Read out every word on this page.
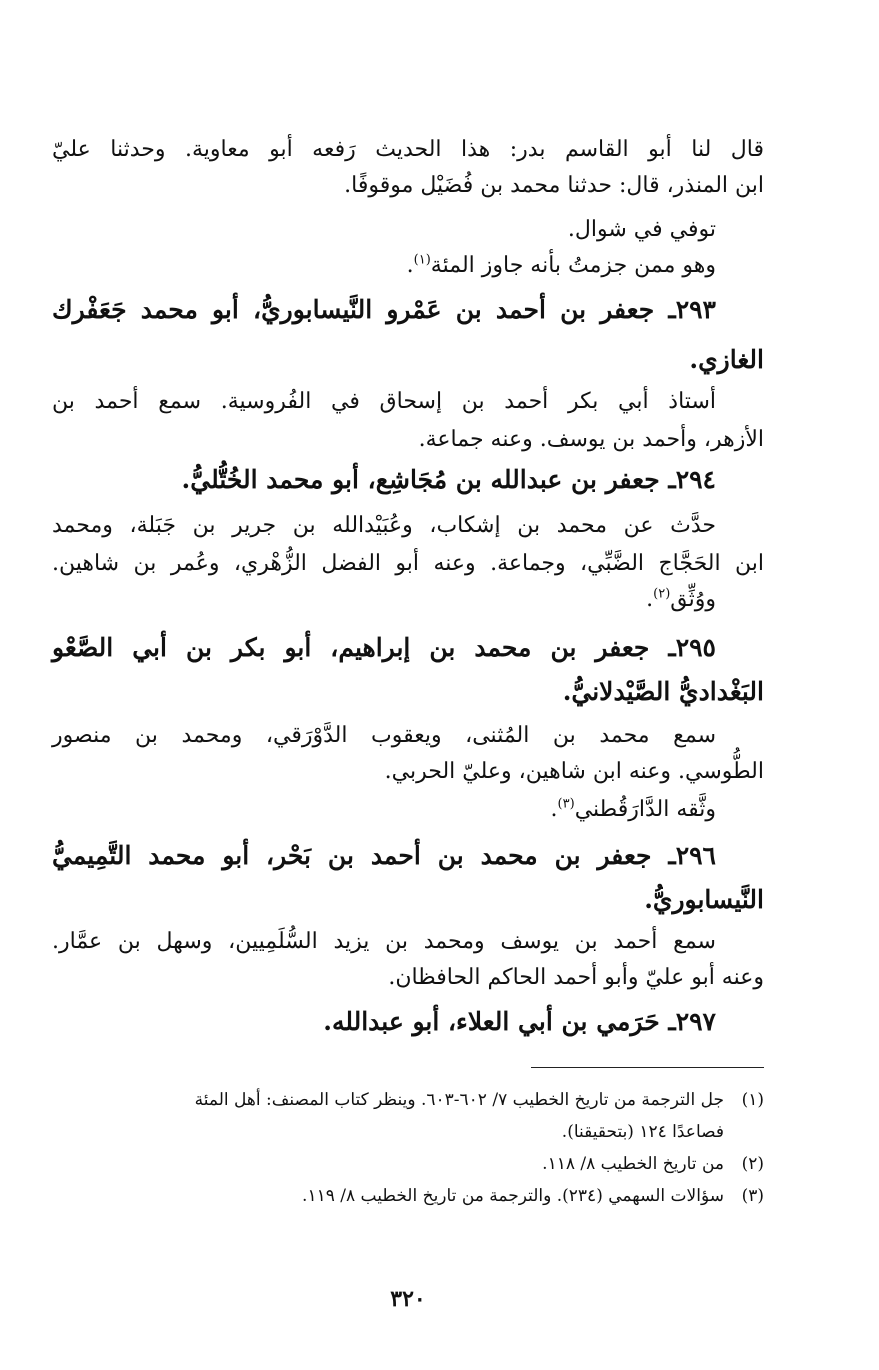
قال لنا أبو القاسم بدر: هذا الحديث رَفعه أبو معاوية. وحدثنا عليّ
ابن المنذر، قال: حدثنا محمد بن فُضَيْل موقوفًا.
توفي في شوال.
وهو ممن جزمتُ بأنه جاوز المئة$^{(١)}$.
٢٩٣ـ جعفر بن أحمد بن عَمْرو النَّيسابوريُّ، أبو محمد جَعَفْرك
الغازي.
أستاذ أبي بكر أحمد بن إسحاق في الفُروسية. سمع أحمد بن
الأزهر، وأحمد بن يوسف. وعنه جماعة.
٢٩٤ـ جعفر بن عبدالله بن مُجَاشِع، أبو محمد الخُتُّليُّ.
حدَّث عن محمد بن إشكاب، وعُبَيْدالله بن جرير بن جَبَلة، ومحمد
ابن الحَجَّاج الضَّبِّي، وجماعة. وعنه أبو الفضل الزُّهْري، وعُمر بن شاهين.
ووُثِّق$^{(٢)}$.
٢٩٥ـ جعفر بن محمد بن إبراهيم، أبو بكر بن أبي الصَّعْو
البَغْداديُّ الصَّيْدلانيُّ.
سمع محمد بن المُثنى، ويعقوب الدَّوْرَقي، ومحمد بن منصور
الطُّوسي. وعنه ابن شاهين، وعليّ الحربي.
وثَّقه الدَّارَقُطني$^{(٣)}$.
٢٩٦ـ جعفر بن محمد بن أحمد بن بَحْر، أبو محمد التَّمِيميُّ
النَّيسابوريُّ.
سمع أحمد بن يوسف ومحمد بن يزيد السُّلَمِيين، وسهل بن عمَّار.
وعنه أبو عليّ وأبو أحمد الحاكم الحافظان.
٢٩٧ـ حَرَمي بن أبي العلاء، أبو عبدالله.
(١)جل الترجمة من تاريخ الخطيب ٧/ ٦٠٢-٦٠٣. وينظر كتاب المصنف: أهل المئة
فصاعدًا ١٢٤ (بتحقيقنا).
(٢)من تاريخ الخطيب ٨/ ١١٨.
(٣)سؤالات السهمي (٢٣٤). والترجمة من تاريخ الخطيب ٨/ ١١٩.
٣٢٠
